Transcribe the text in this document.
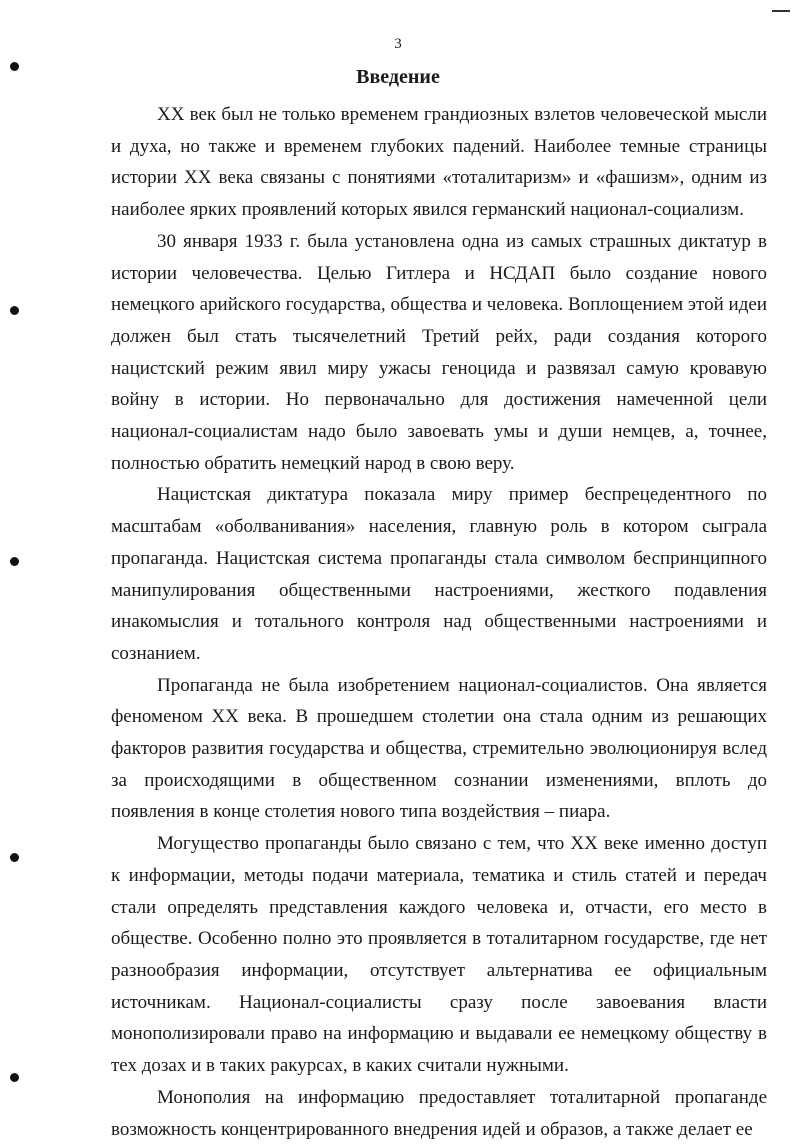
3
Введение

XX век был не только временем грандиозных взлетов человеческой мысли и духа, но также и временем глубоких падений. Наиболее темные страницы истории XX века связаны с понятиями «тоталитаризм» и «фашизм», одним из наиболее ярких проявлений которых явился германский национал-социализм.

30 января 1933 г. была установлена одна из самых страшных диктатур в истории человечества. Целью Гитлера и НСДАП было создание нового немецкого арийского государства, общества и человека. Воплощением этой идеи должен был стать тысячелетний Третий рейх, ради создания которого нацистский режим явил миру ужасы геноцида и развязал самую кровавую войну в истории. Но первоначально для достижения намеченной цели национал-социалистам надо было завоевать умы и души немцев, а, точнее, полностью обратить немецкий народ в свою веру.

Нацистская диктатура показала миру пример беспрецедентного по масштабам «оболванивания» населения, главную роль в котором сыграла пропаганда. Нацистская система пропаганды стала символом беспринципного манипулирования общественными настроениями, жесткого подавления инакомыслия и тотального контроля над общественными настроениями и сознанием.

Пропаганда не была изобретением национал-социалистов. Она является феноменом XX века. В прошедшем столетии она стала одним из решающих факторов развития государства и общества, стремительно эволюционируя вслед за происходящими в общественном сознании изменениями, вплоть до появления в конце столетия нового типа воздействия – пиара.

Могущество пропаганды было связано с тем, что XX веке именно доступ к информации, методы подачи материала, тематика и стиль статей и передач стали определять представления каждого человека и, отчасти, его место в обществе. Особенно полно это проявляется в тоталитарном государстве, где нет разнообразия информации, отсутствует альтернатива ее официальным источникам. Национал-социалисты сразу после завоевания власти монополизировали право на информацию и выдавали ее немецкому обществу в тех дозах и в таких ракурсах, в каких считали нужными.

Монополия на информацию предоставляет тоталитарной пропаганде возможность концентрированного внедрения идей и образов, а также делает ее
